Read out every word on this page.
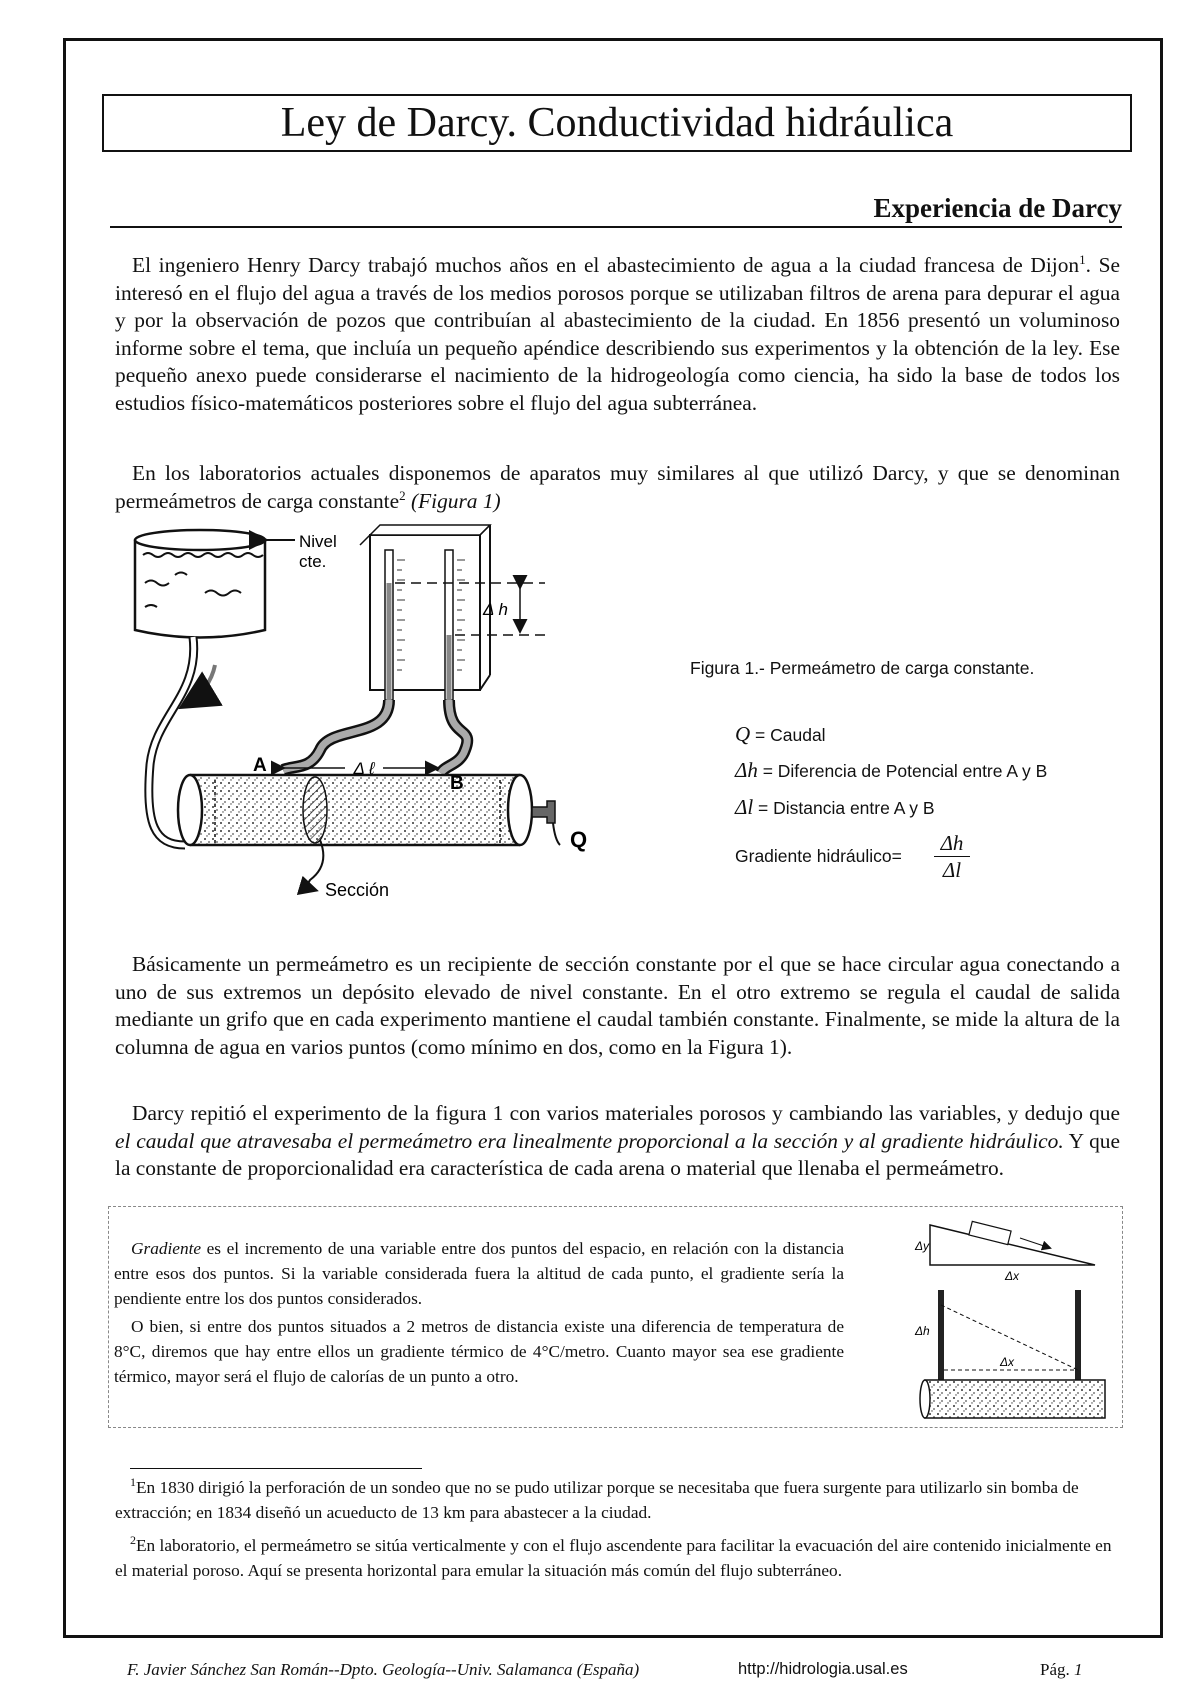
Ley de Darcy. Conductividad hidráulica
Experiencia de Darcy

El ingeniero Henry Darcy trabajó muchos años en el abastecimiento de agua a la ciudad francesa de Dijon$^1$. Se interesó en el flujo del agua a través de los medios porosos porque se utilizaban filtros de arena para depurar el agua y por la observación de pozos que contribuían al abastecimiento de la ciudad. En 1856 presentó un voluminoso informe sobre el tema, que incluía un pequeño apéndice describiendo sus experimentos y la obtención de la ley. Ese pequeño anexo puede considerarse el nacimiento de la hidrogeología como ciencia, ha sido la base de todos los estudios físico-matemáticos posteriores sobre el flujo del agua subterránea.

En los laboratorios actuales disponemos de aparatos muy similares al que utilizó Darcy, y que se denominan permeámetros de carga constante$^2$ (Figura 1)

Nivel
cte.
Δ h
Q
A
B
Δ ℓ
Sección
Figura 1.- Permeámetro de carga constante.
Q = Caudal
Δh = Diferencia de Potencial entre A y B
Δl = Distancia entre A y B
Gradiente hidráulico= $\frac{\Delta h}{\Delta l}$

Básicamente un permeámetro es un recipiente de sección constante por el que se hace circular agua conectando a uno de sus extremos un depósito elevado de nivel constante. En el otro extremo se regula el caudal de salida mediante un grifo que en cada experimento mantiene el caudal también constante. Finalmente, se mide la altura de la columna de agua en varios puntos (como mínimo en dos, como en la Figura 1).

Darcy repitió el experimento de la figura 1 con varios materiales porosos y cambiando las variables, y dedujo que el caudal que atravesaba el permeámetro era linealmente proporcional a la sección y al gradiente hidráulico. Y que la constante de proporcionalidad era característica de cada arena o material que llenaba el permeámetro.

Gradiente es el incremento de una variable entre dos puntos del espacio, en relación con la distancia entre esos dos puntos. Si la variable considerada fuera la altitud de cada punto, el gradiente sería la pendiente entre los dos puntos considerados.

O bien, si entre dos puntos situados a 2 metros de distancia existe una diferencia de temperatura de 8°C, diremos que hay entre ellos un gradiente térmico de 4°C/metro. Cuanto mayor sea ese gradiente térmico, mayor será el flujo de calorías de un punto a otro.

Δy
Δx
Δh
Δx

$^1$En 1830 dirigió la perforación de un sondeo que no se pudo utilizar porque se necesitaba que fuera surgente para utilizarlo sin bomba de extracción; en 1834 diseñó un acueducto de 13 km para abastecer a la ciudad.

$^2$En laboratorio, el permeámetro se sitúa verticalmente y con el flujo ascendente para facilitar la evacuación del aire contenido inicialmente en el material poroso. Aquí se presenta horizontal para emular la situación más común del flujo subterráneo.

F. Javier Sánchez San Román--Dpto. Geología--Univ. Salamanca (España)	http://hidrologia.usal.es	Pág. 1
